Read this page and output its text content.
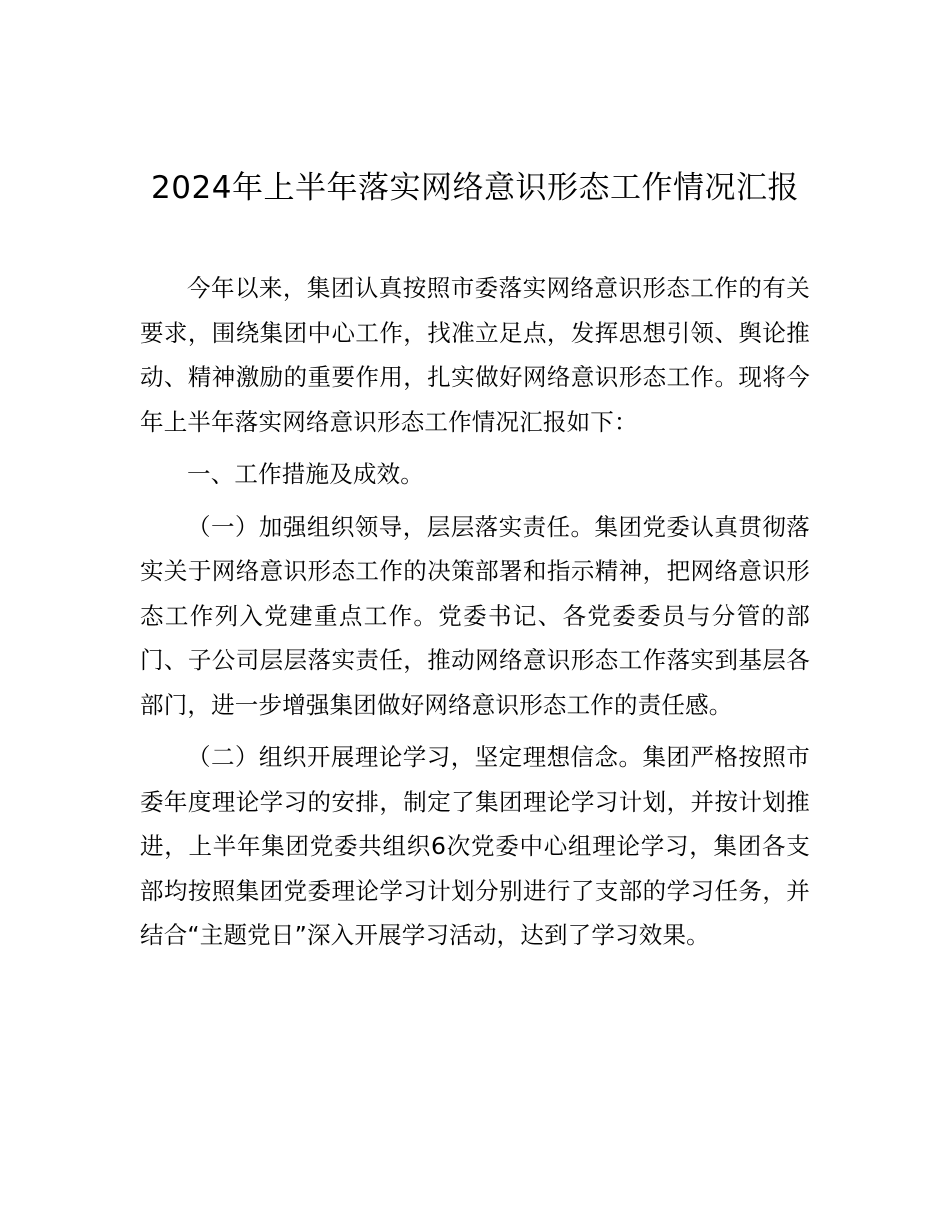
2024年上半年落实网络意识形态工作情况汇报

今年以来，集团认真按照市委落实网络意识形态工作的有关要求，围绕集团中心工作，找准立足点，发挥思想引领、舆论推动、精神激励的重要作用，扎实做好网络意识形态工作。现将今年上半年落实网络意识形态工作情况汇报如下：

一、工作措施及成效。

（一）加强组织领导，层层落实责任。集团党委认真贯彻落实关于网络意识形态工作的决策部署和指示精神，把网络意识形态工作列入党建重点工作。党委书记、各党委委员与分管的部门、子公司层层落实责任，推动网络意识形态工作落实到基层各部门，进一步增强集团做好网络意识形态工作的责任感。

（二）组织开展理论学习，坚定理想信念。集团严格按照市委年度理论学习的安排，制定了集团理论学习计划，并按计划推进，上半年集团党委共组织6次党委中心组理论学习，集团各支部均按照集团党委理论学习计划分别进行了支部的学习任务，并结合“主题党日”深入开展学习活动，达到了学习效果。
